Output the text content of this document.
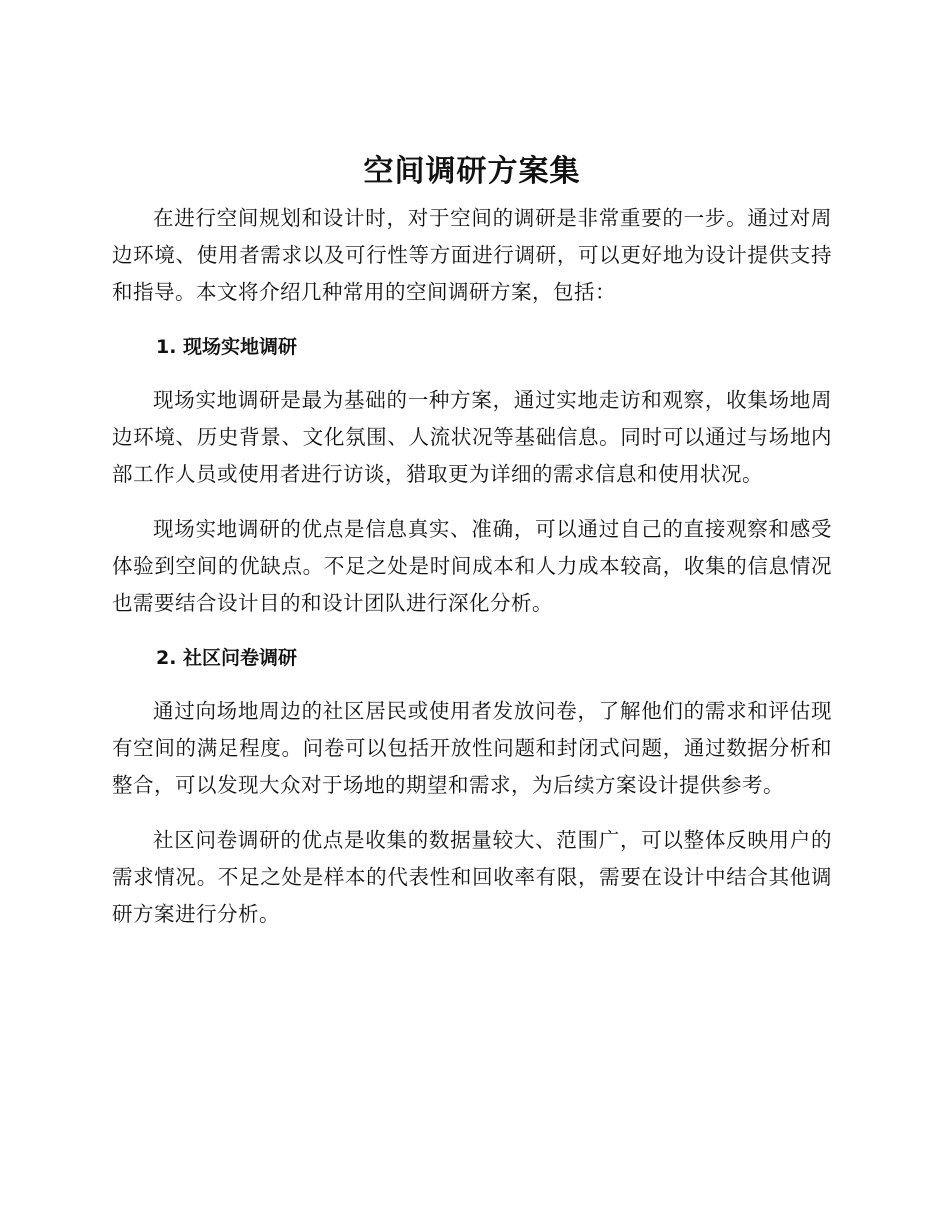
空间调研方案集

在进行空间规划和设计时，对于空间的调研是非常重要的一步。通过对周边环境、使用者需求以及可行性等方面进行调研，可以更好地为设计提供支持和指导。本文将介绍几种常用的空间调研方案，包括：

1. 现场实地调研

现场实地调研是最为基础的一种方案，通过实地走访和观察，收集场地周边环境、历史背景、文化氛围、人流状况等基础信息。同时可以通过与场地内部工作人员或使用者进行访谈，猎取更为详细的需求信息和使用状况。

现场实地调研的优点是信息真实、准确，可以通过自己的直接观察和感受体验到空间的优缺点。不足之处是时间成本和人力成本较高，收集的信息情况也需要结合设计目的和设计团队进行深化分析。

2. 社区问卷调研

通过向场地周边的社区居民或使用者发放问卷，了解他们的需求和评估现有空间的满足程度。问卷可以包括开放性问题和封闭式问题，通过数据分析和整合，可以发现大众对于场地的期望和需求，为后续方案设计提供参考。

社区问卷调研的优点是收集的数据量较大、范围广，可以整体反映用户的需求情况。不足之处是样本的代表性和回收率有限，需要在设计中结合其他调研方案进行分析。
